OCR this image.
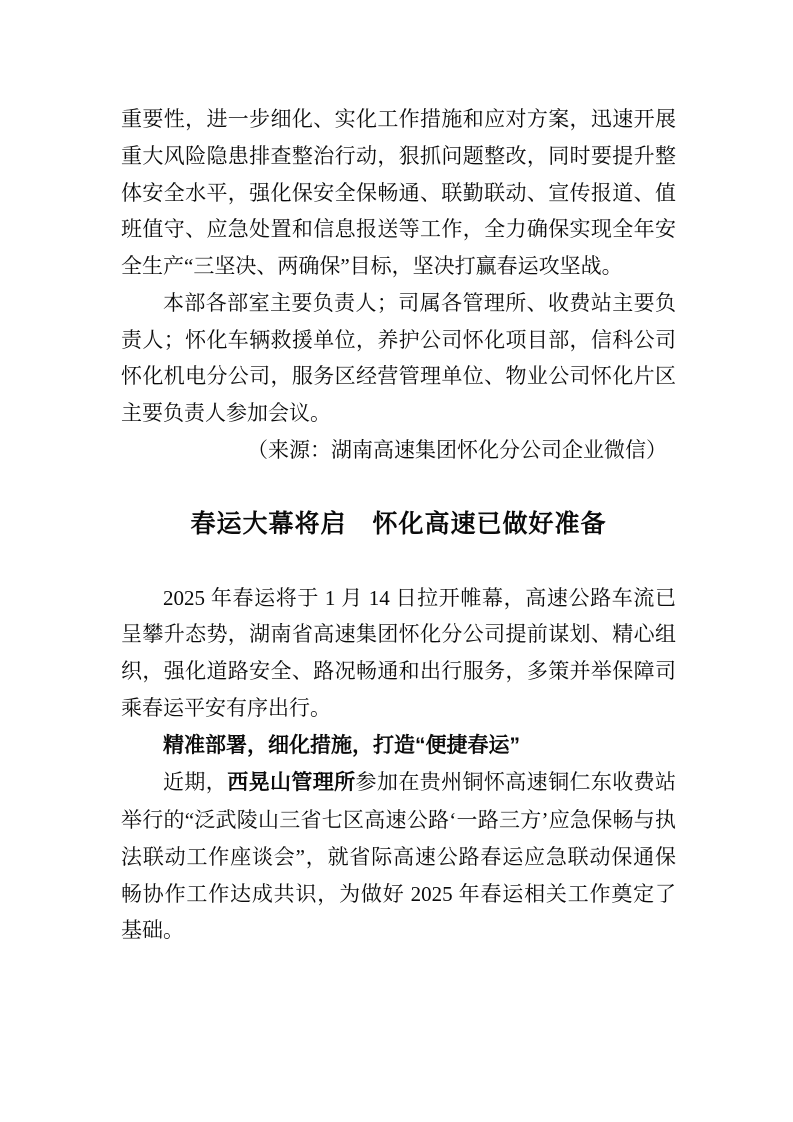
重要性，进一步细化、实化工作措施和应对方案，迅速开展重大风险隐患排查整治行动，狠抓问题整改，同时要提升整体安全水平，强化保安全保畅通、联勤联动、宣传报道、值班值守、应急处置和信息报送等工作，全力确保实现全年安全生产“三坚决、两确保”目标，坚决打赢春运攻坚战。

本部各部室主要负责人；司属各管理所、收费站主要负责人；怀化车辆救援单位，养护公司怀化项目部，信科公司怀化机电分公司，服务区经营管理单位、物业公司怀化片区主要负责人参加会议。

（来源：湖南高速集团怀化分公司企业微信）

春运大幕将启　怀化高速已做好准备

2025 年春运将于 1 月 14 日拉开帷幕，高速公路车流已呈攀升态势，湖南省高速集团怀化分公司提前谋划、精心组织，强化道路安全、路况畅通和出行服务，多策并举保障司乘春运平安有序出行。

精准部署，细化措施，打造“便捷春运”

近期，西晃山管理所参加在贵州铜怀高速铜仁东收费站举行的“泛武陵山三省七区高速公路‘一路三方’应急保畅与执法联动工作座谈会”，就省际高速公路春运应急联动保通保畅协作工作达成共识，为做好 2025 年春运相关工作奠定了基础。
